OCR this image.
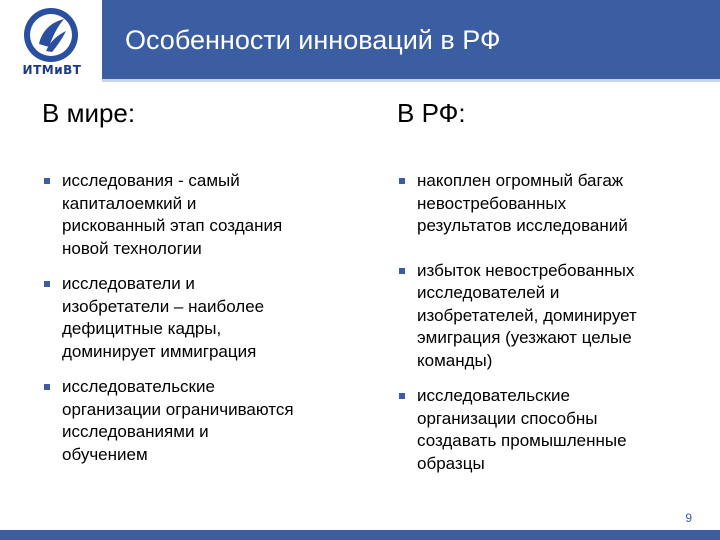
ИТМиВТ
Особенности инноваций в РФ
В мире:	В РФ:

исследования - самый
капиталоемкий и
рискованный этап создания
новой технологии

исследователи и
изобретатели – наиболее
дефицитные кадры,
доминирует иммиграция

исследовательские
организации ограничиваются
исследованиями и
обучением

накоплен огромный багаж
невостребованных
результатов исследований

избыток невостребованных
исследователей и
изобретателей, доминирует
эмиграция (уезжают целые
команды)

исследовательские
организации способны
создавать промышленные
образцы

9
